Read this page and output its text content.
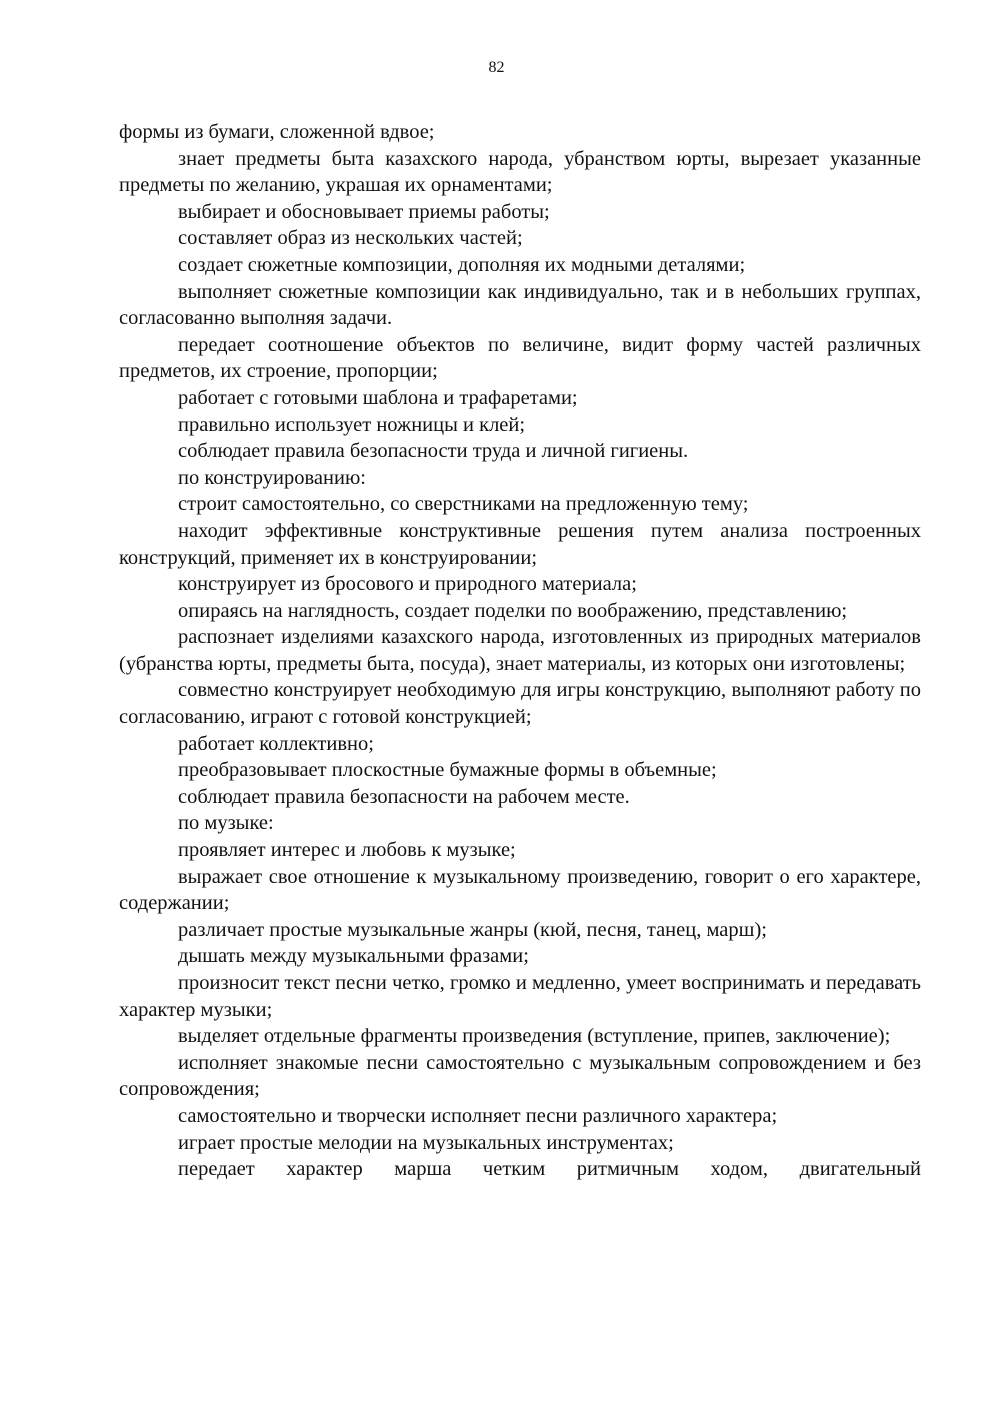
82

формы из бумаги, сложенной вдвое;

знает предметы быта казахского народа, убранством юрты, вырезает указанные предметы по желанию, украшая их орнаментами;

выбирает и обосновывает приемы работы;

составляет образ из нескольких частей;

создает сюжетные композиции, дополняя их модными деталями;

выполняет сюжетные композиции как индивидуально, так и в небольших группах, согласованно выполняя задачи.

передает соотношение объектов по величине, видит форму частей различных предметов, их строение, пропорции;

работает с готовыми шаблона и трафаретами;

правильно использует ножницы и клей;

соблюдает правила безопасности труда и личной гигиены.

по конструированию:

строит самостоятельно, со сверстниками на предложенную тему;

находит эффективные конструктивные решения путем анализа построенных конструкций, применяет их в конструировании;

конструирует из бросового и природного материала;

опираясь на наглядность, создает поделки по воображению, представлению;

распознает изделиями казахского народа, изготовленных из природных материалов (убранства юрты, предметы быта, посуда), знает материалы, из которых они изготовлены;

совместно конструирует необходимую для игры конструкцию, выполняют работу по согласованию, играют с готовой конструкцией;

работает коллективно;

преобразовывает плоскостные бумажные формы в объемные;

соблюдает правила безопасности на рабочем месте.

по музыке:

проявляет интерес и любовь к музыке;

выражает свое отношение к музыкальному произведению, говорит о его характере, содержании;

различает простые музыкальные жанры (кюй, песня, танец, марш);

дышать между музыкальными фразами;

произносит текст песни четко, громко и медленно, умеет воспринимать и передавать характер музыки;

выделяет отдельные фрагменты произведения (вступление, припев, заключение);

исполняет знакомые песни самостоятельно с музыкальным сопровождением и без сопровождения;

самостоятельно и творчески исполняет песни различного характера;

играет простые мелодии на музыкальных инструментах;

передает характер марша четким ритмичным ходом, двигательный
